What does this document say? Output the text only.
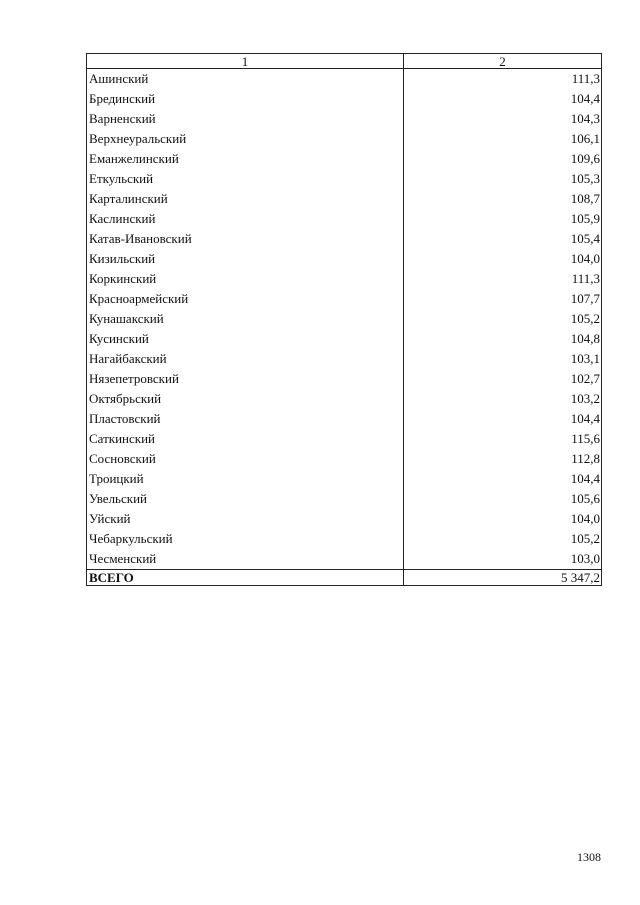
1	2
Ашинский	111,3
Брединский	104,4
Варненский	104,3
Верхнеуральский	106,1
Еманжелинский	109,6
Еткульский	105,3
Карталинский	108,7
Каслинский	105,9
Катав-Ивановский	105,4
Кизильский	104,0
Коркинский	111,3
Красноармейский	107,7
Кунашакский	105,2
Кусинский	104,8
Нагайбакский	103,1
Нязепетровский	102,7
Октябрьский	103,2
Пластовский	104,4
Саткинский	115,6
Сосновский	112,8
Троицкий	104,4
Увельский	105,6
Уйский	104,0
Чебаркульский	105,2
Чесменский	103,0
ВСЕГО	5 347,2
1308
